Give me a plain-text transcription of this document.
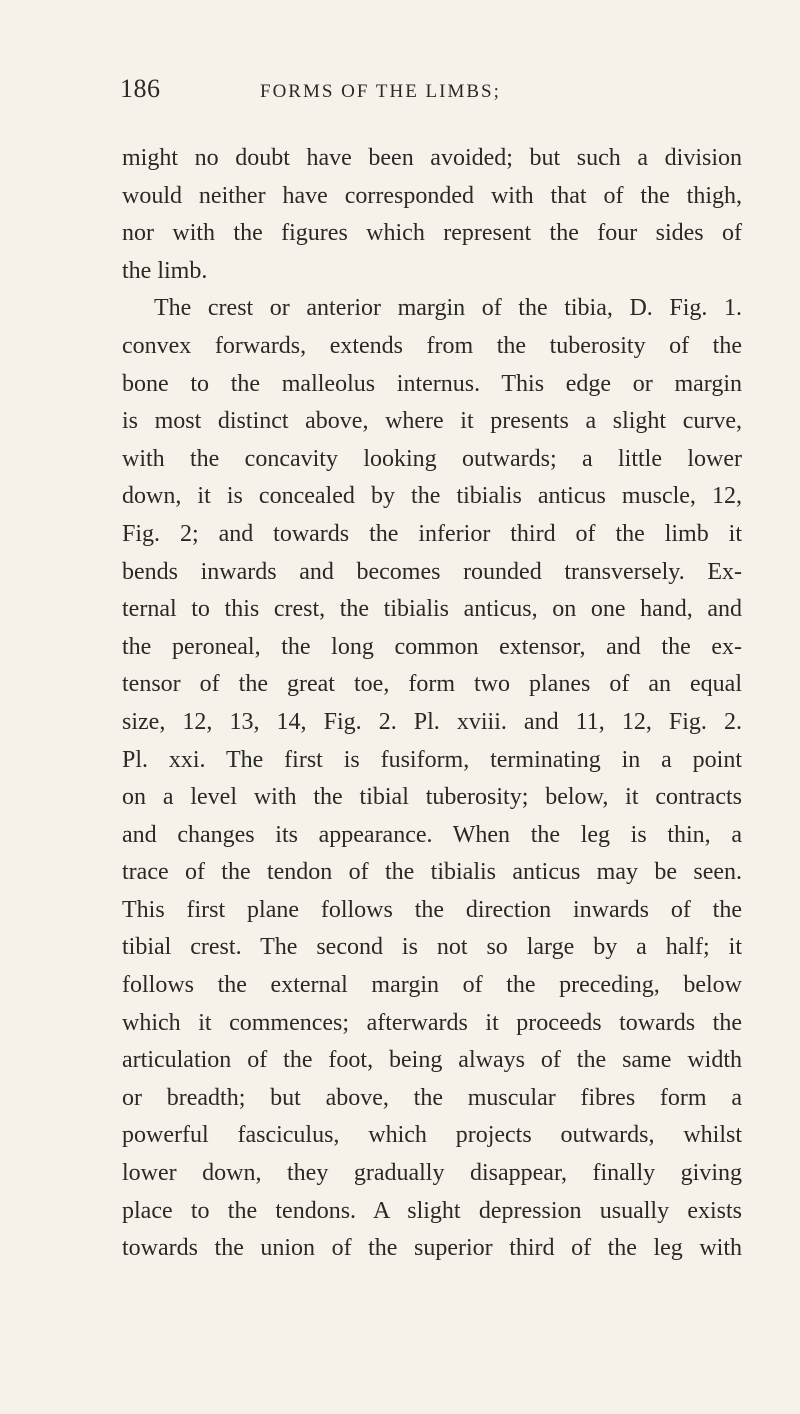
186	FORMS OF THE LIMBS;
might no doubt have been avoided; but such a division
would neither have corresponded with that of the thigh,
nor with the figures which represent the four sides of
the limb.
The crest or anterior margin of the tibia, D. Fig. 1.
convex forwards, extends from the tuberosity of the
bone to the malleolus internus. This edge or margin
is most distinct above, where it presents a slight curve,
with the concavity looking outwards; a little lower
down, it is concealed by the tibialis anticus muscle, 12,
Fig. 2; and towards the inferior third of the limb it
bends inwards and becomes rounded transversely. Ex-
ternal to this crest, the tibialis anticus, on one hand, and
the peroneal, the long common extensor, and the ex-
tensor of the great toe, form two planes of an equal
size, 12, 13, 14, Fig. 2. Pl. xviii. and 11, 12, Fig. 2.
Pl. xxi. The first is fusiform, terminating in a point
on a level with the tibial tuberosity; below, it contracts
and changes its appearance. When the leg is thin, a
trace of the tendon of the tibialis anticus may be seen.
This first plane follows the direction inwards of the
tibial crest. The second is not so large by a half; it
follows the external margin of the preceding, below
which it commences; afterwards it proceeds towards the
articulation of the foot, being always of the same width
or breadth; but above, the muscular fibres form a
powerful fasciculus, which projects outwards, whilst
lower down, they gradually disappear, finally giving
place to the tendons. A slight depression usually exists
towards the union of the superior third of the leg with
